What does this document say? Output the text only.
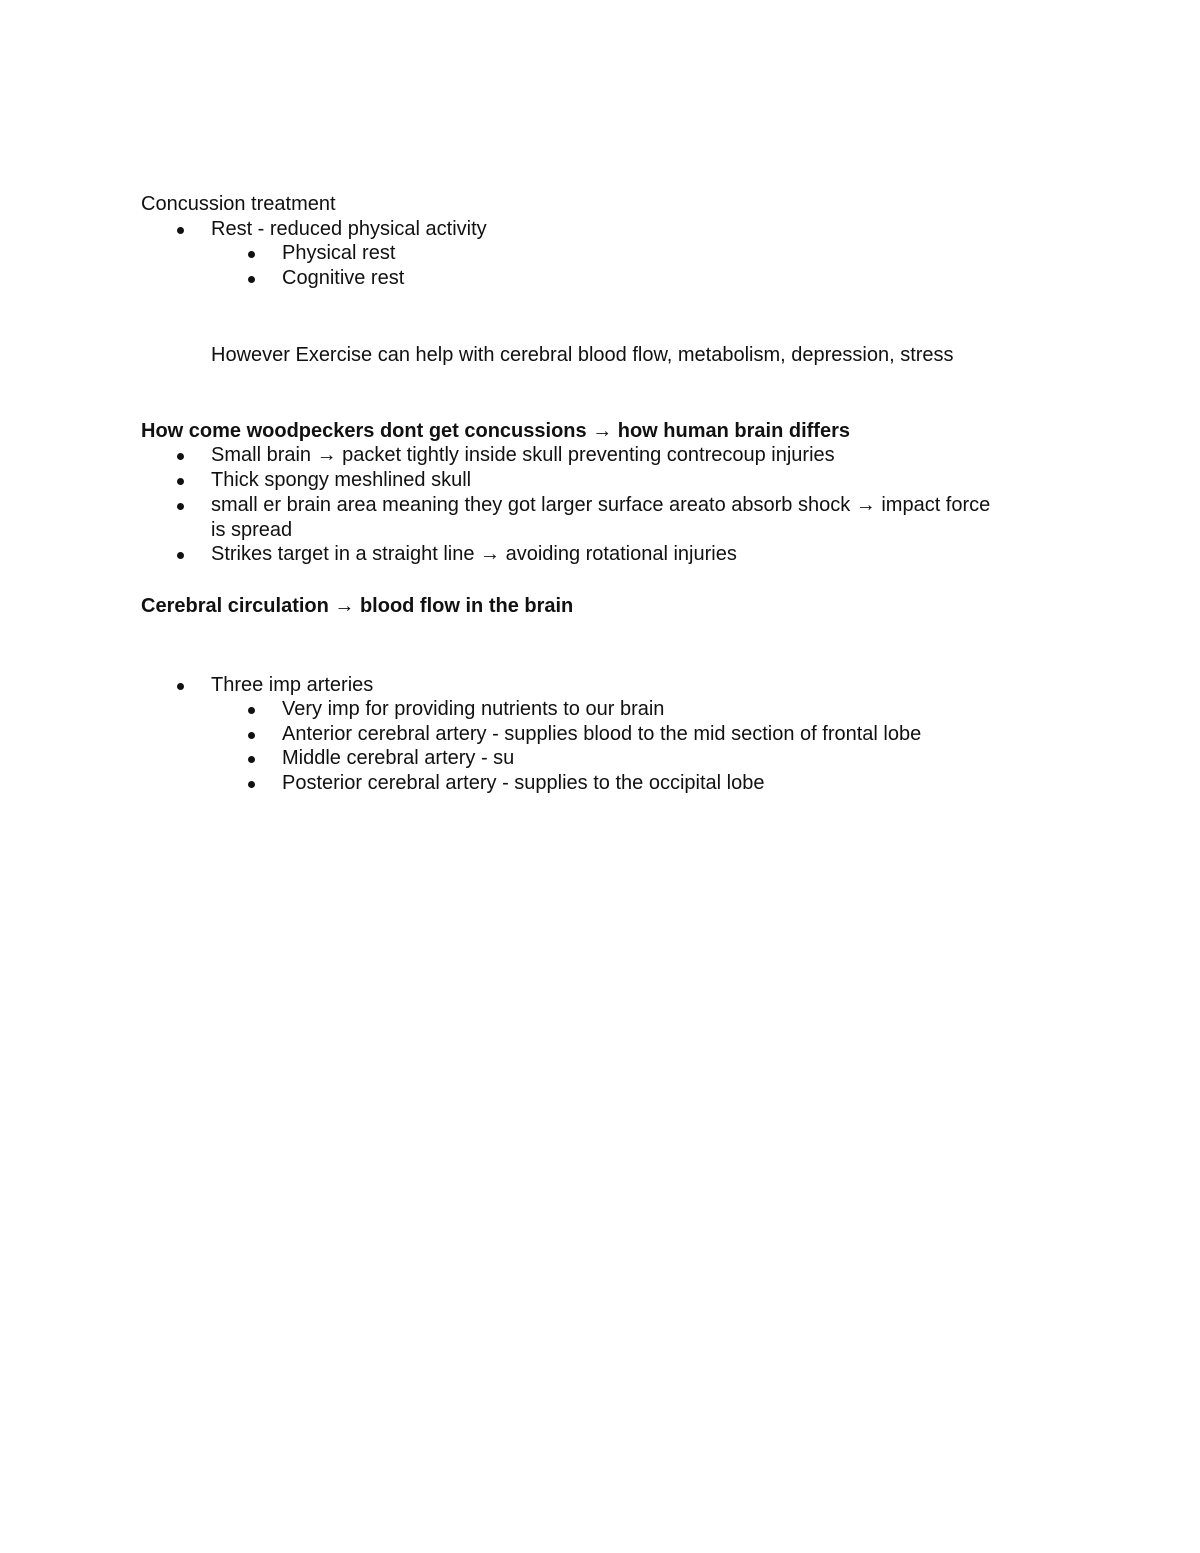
Concussion treatment
Rest - reduced physical activity
Physical rest
Cognitive rest
However Exercise can help with cerebral blood flow, metabolism, depression, stress
How come woodpeckers dont get concussions → how human brain differs
Small brain → packet tightly inside skull preventing contrecoup injuries
Thick spongy meshlined skull
small er brain area meaning they got larger surface areato absorb shock → impact force
is spread
Strikes target in a straight line → avoiding rotational injuries
Cerebral circulation → blood flow in the brain
Three imp arteries
Very imp for providing nutrients to our brain
Anterior cerebral artery - supplies blood to the mid section of frontal lobe
Middle cerebral artery - su
Posterior cerebral artery - supplies to the occipital lobe
